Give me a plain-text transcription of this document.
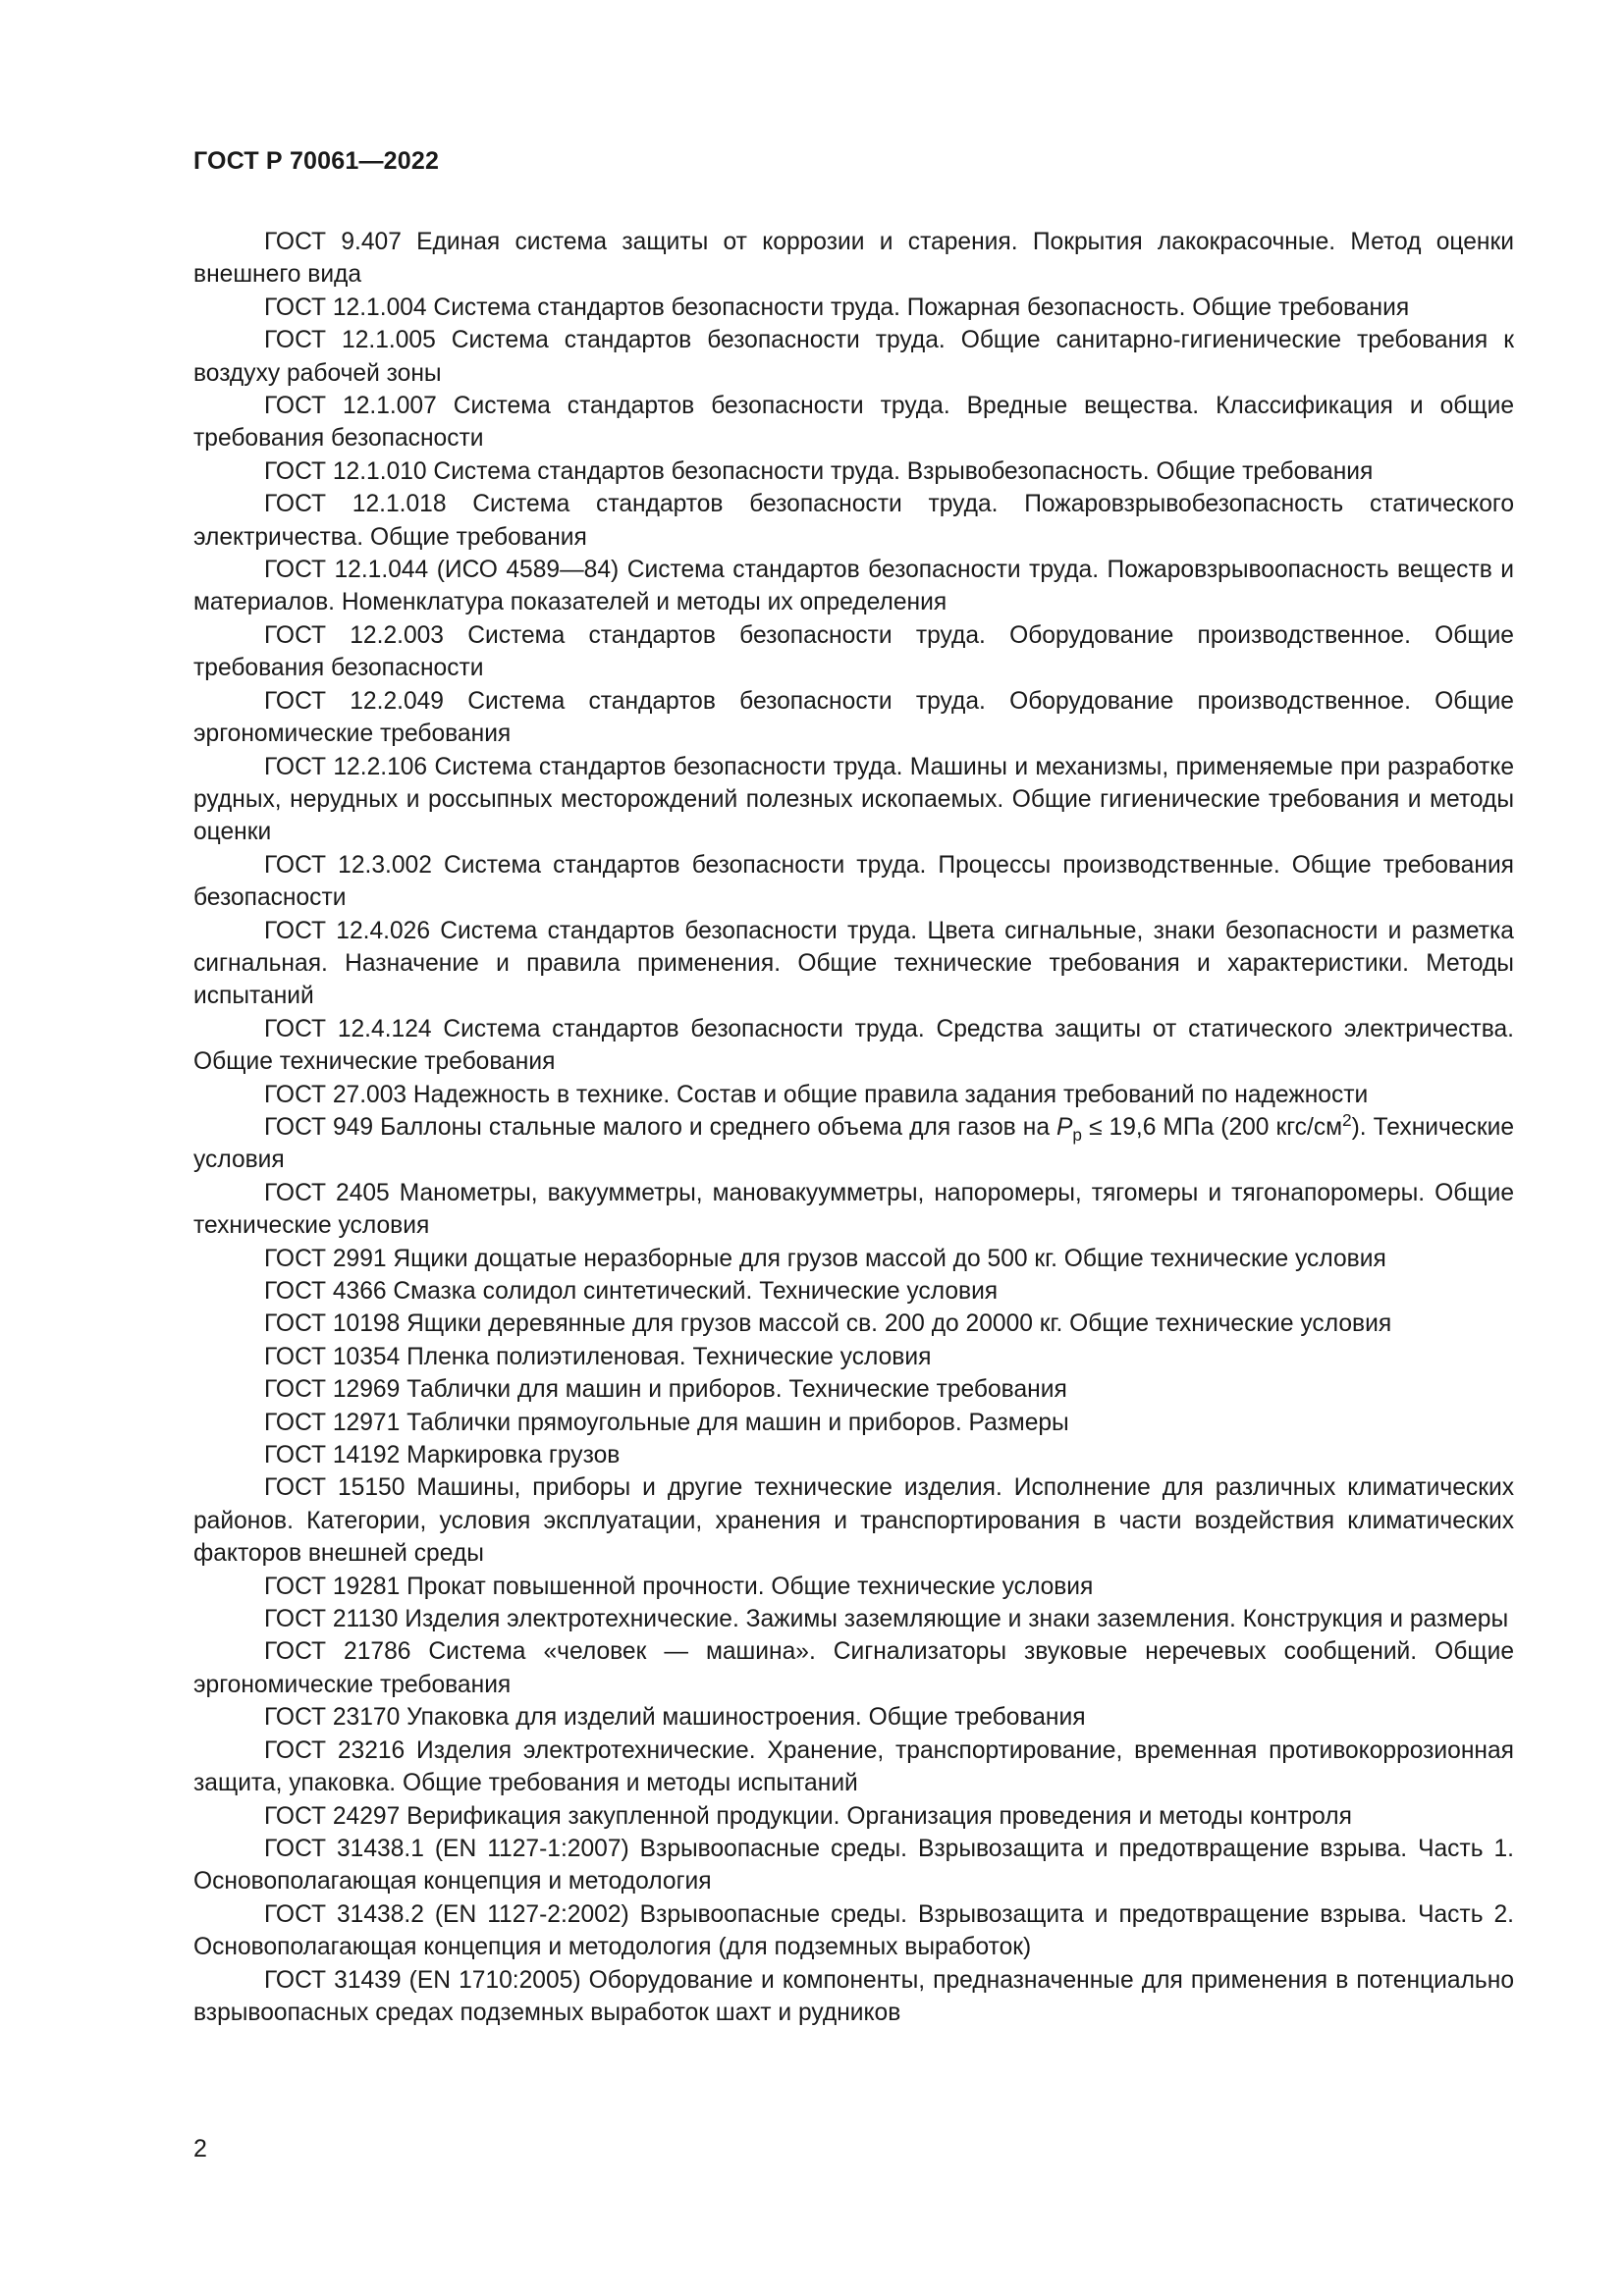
ГОСТ Р 70061—2022

ГОСТ 9.407 Единая система защиты от коррозии и старения. Покрытия лакокрасочные. Метод оценки внешнего вида

ГОСТ 12.1.004 Система стандартов безопасности труда. Пожарная безопасность. Общие требования

ГОСТ 12.1.005 Система стандартов безопасности труда. Общие санитарно-гигиенические требования к воздуху рабочей зоны

ГОСТ 12.1.007 Система стандартов безопасности труда. Вредные вещества. Классификация и общие требования безопасности

ГОСТ 12.1.010 Система стандартов безопасности труда. Взрывобезопасность. Общие требования

ГОСТ 12.1.018 Система стандартов безопасности труда. Пожаровзрывобезопасность статического электричества. Общие требования

ГОСТ 12.1.044 (ИСО 4589—84) Система стандартов безопасности труда. Пожаровзрывоопасность веществ и материалов. Номенклатура показателей и методы их определения

ГОСТ 12.2.003 Система стандартов безопасности труда. Оборудование производственное. Общие требования безопасности

ГОСТ 12.2.049 Система стандартов безопасности труда. Оборудование производственное. Общие эргономические требования

ГОСТ 12.2.106 Система стандартов безопасности труда. Машины и механизмы, применяемые при разработке рудных, нерудных и россыпных месторождений полезных ископаемых. Общие гигиенические требования и методы оценки

ГОСТ 12.3.002 Система стандартов безопасности труда. Процессы производственные. Общие требования безопасности

ГОСТ 12.4.026 Система стандартов безопасности труда. Цвета сигнальные, знаки безопасности и разметка сигнальная. Назначение и правила применения. Общие технические требования и характеристики. Методы испытаний

ГОСТ 12.4.124 Система стандартов безопасности труда. Средства защиты от статического электричества. Общие технические требования

ГОСТ 27.003 Надежность в технике. Состав и общие правила задания требований по надежности

ГОСТ 949 Баллоны стальные малого и среднего объема для газов на $P_р \le 19,6$ МПа (200 кгс/$см^2$). Технические условия

ГОСТ 2405 Манометры, вакуумметры, мановакуумметры, напоромеры, тягомеры и тягонапоромеры. Общие технические условия

ГОСТ 2991 Ящики дощатые неразборные для грузов массой до 500 кг. Общие технические условия

ГОСТ 4366 Смазка солидол синтетический. Технические условия

ГОСТ 10198 Ящики деревянные для грузов массой св. 200 до 20000 кг. Общие технические условия

ГОСТ 10354 Пленка полиэтиленовая. Технические условия

ГОСТ 12969 Таблички для машин и приборов. Технические требования

ГОСТ 12971 Таблички прямоугольные для машин и приборов. Размеры

ГОСТ 14192 Маркировка грузов

ГОСТ 15150 Машины, приборы и другие технические изделия. Исполнение для различных климатических районов. Категории, условия эксплуатации, хранения и транспортирования в части воздействия климатических факторов внешней среды

ГОСТ 19281 Прокат повышенной прочности. Общие технические условия

ГОСТ 21130 Изделия электротехнические. Зажимы заземляющие и знаки заземления. Конструкция и размеры

ГОСТ 21786 Система «человек — машина». Сигнализаторы звуковые неречевых сообщений. Общие эргономические требования

ГОСТ 23170 Упаковка для изделий машиностроения. Общие требования

ГОСТ 23216 Изделия электротехнические. Хранение, транспортирование, временная противокоррозионная защита, упаковка. Общие требования и методы испытаний

ГОСТ 24297 Верификация закупленной продукции. Организация проведения и методы контроля

ГОСТ 31438.1 (EN 1127-1:2007) Взрывоопасные среды. Взрывозащита и предотвращение взрыва. Часть 1. Основополагающая концепция и методология

ГОСТ 31438.2 (EN 1127-2:2002) Взрывоопасные среды. Взрывозащита и предотвращение взрыва. Часть 2. Основополагающая концепция и методология (для подземных выработок)

ГОСТ 31439 (EN 1710:2005) Оборудование и компоненты, предназначенные для применения в потенциально взрывоопасных средах подземных выработок шахт и рудников

2
